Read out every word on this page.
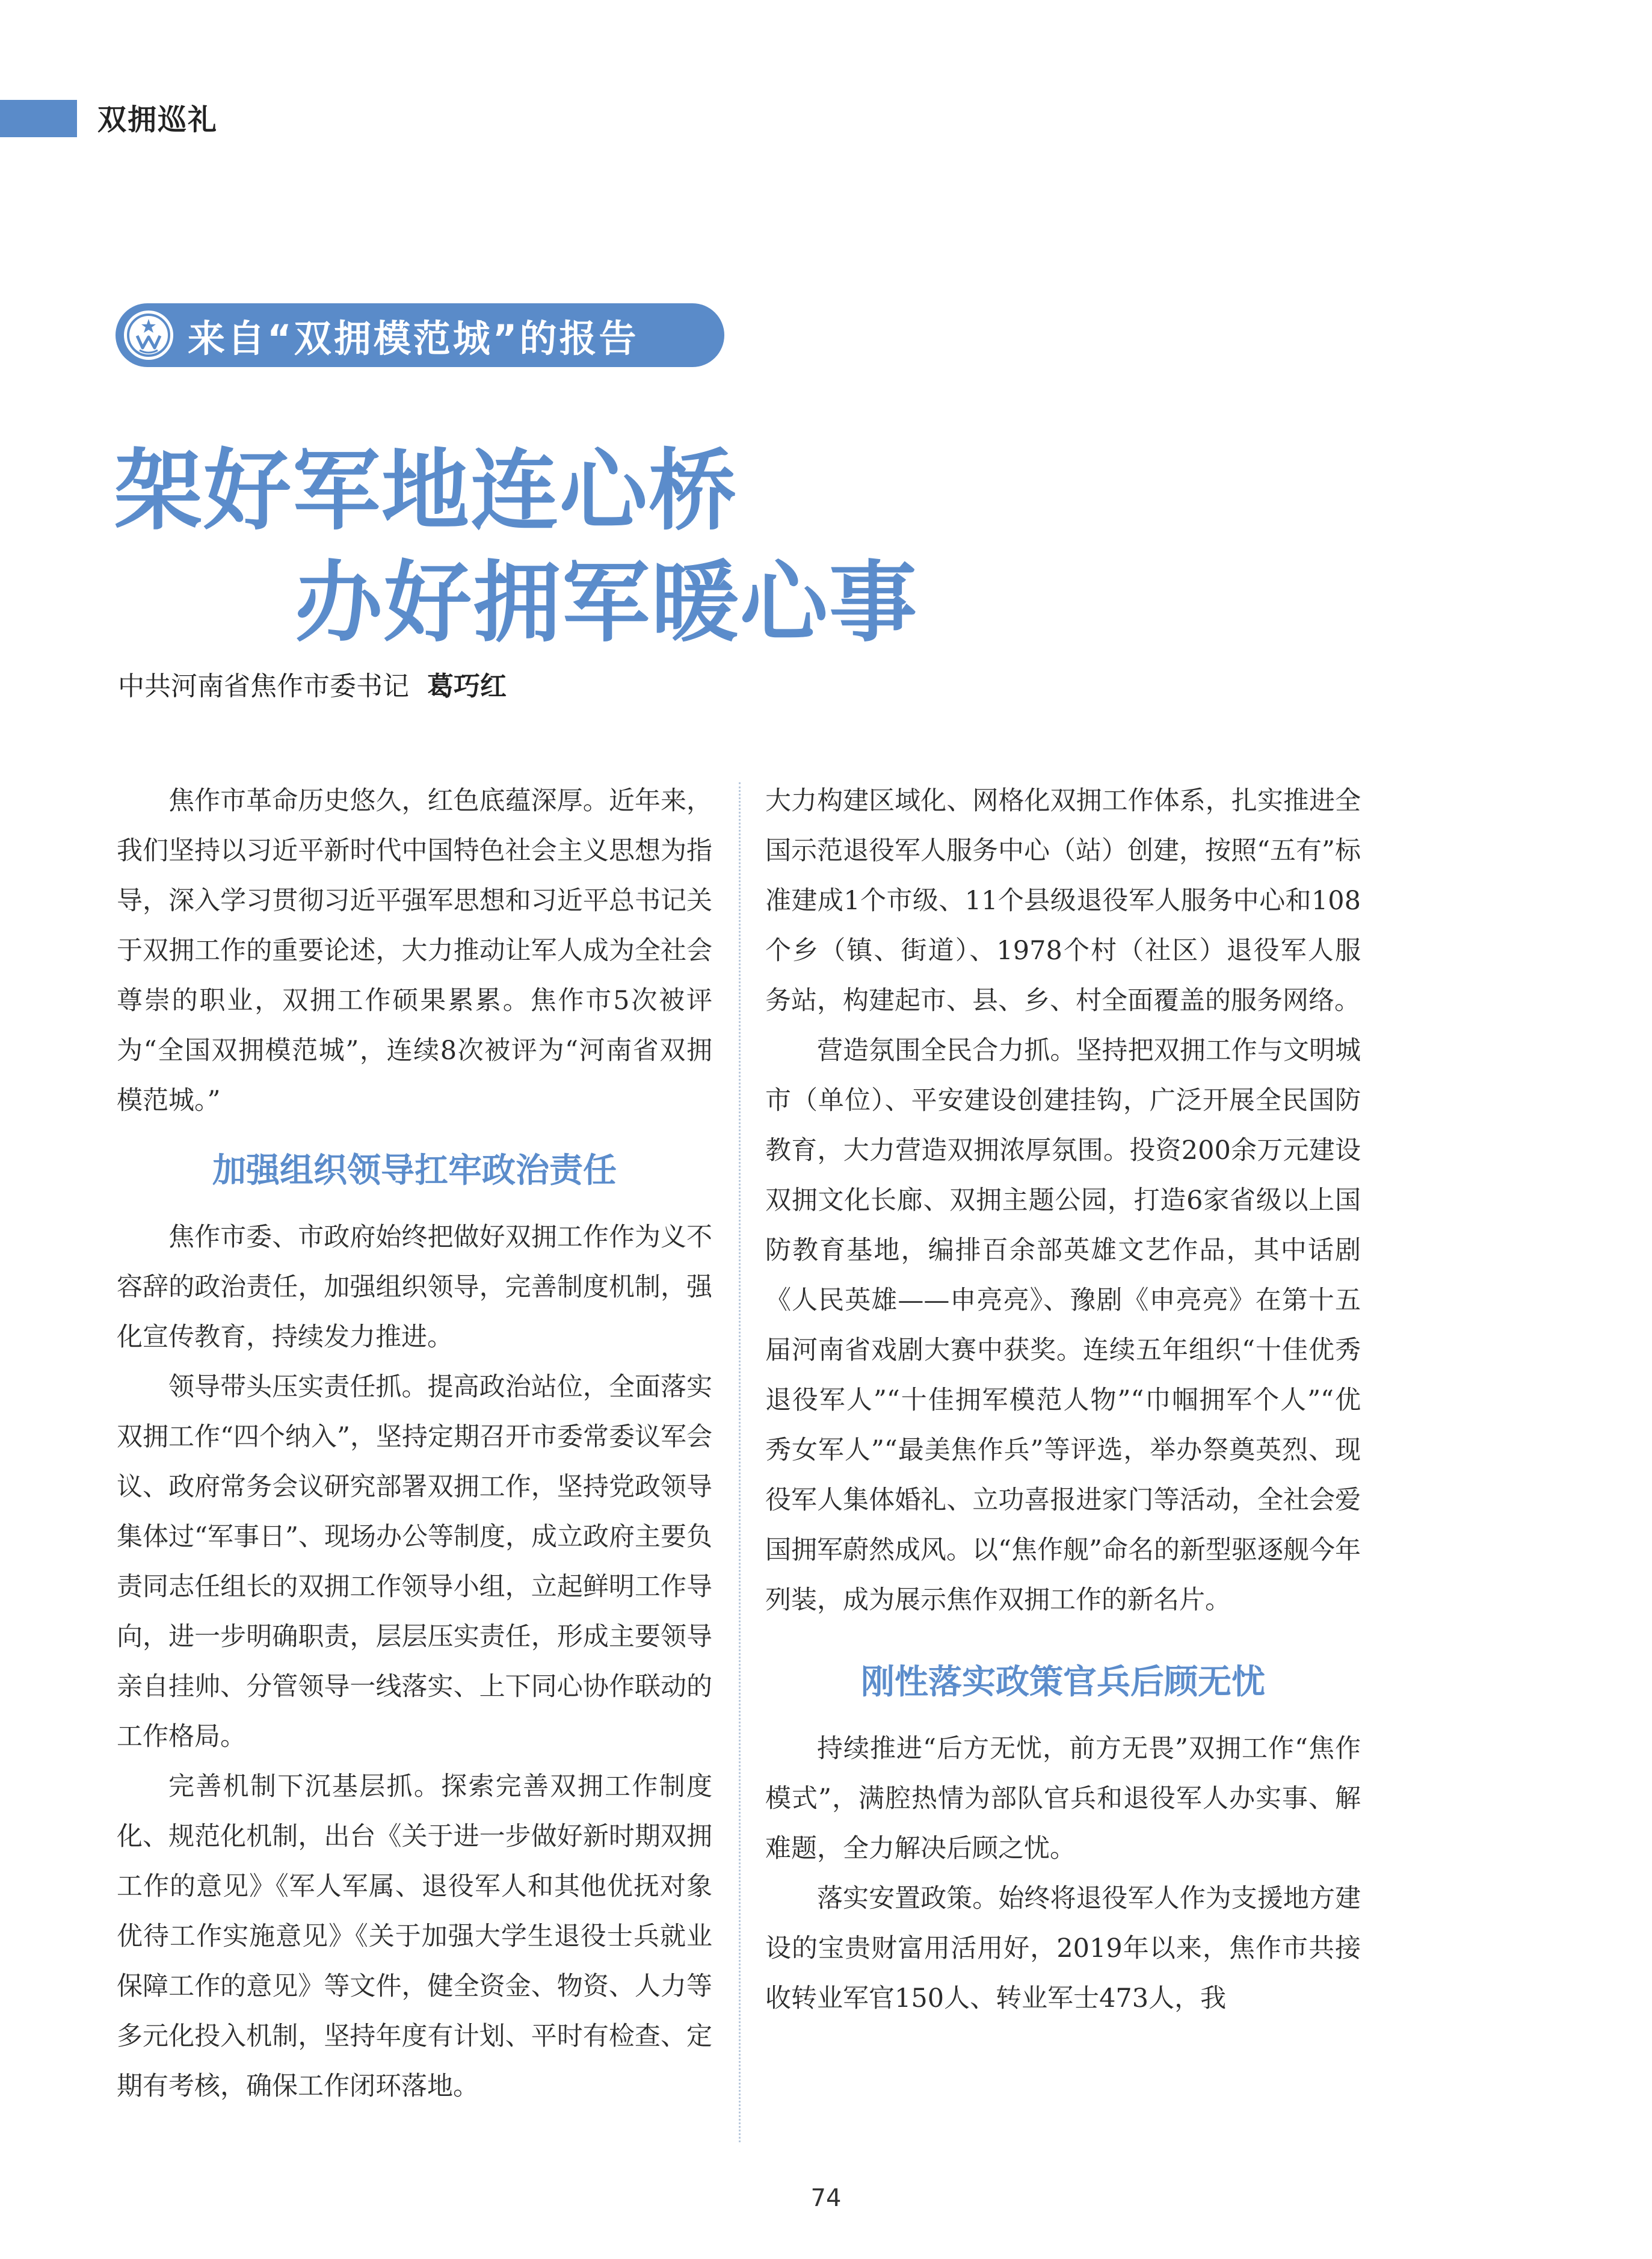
双拥巡礼
来自“双拥模范城”的报告
架好军地连心桥
办好拥军暖心事
中共河南省焦作市委书记 葛巧红

焦作市革命历史悠久，红色底蕴深厚。近年来，我们坚持以习近平新时代中国特色社会主义思想为指导，深入学习贯彻习近平强军思想和习近平总书记关于双拥工作的重要论述，大力推动让军人成为全社会尊崇的职业，双拥工作硕果累累。焦作市5次被评为“全国双拥模范城”，连续8次被评为“河南省双拥模范城。”

加强组织领导扛牢政治责任

焦作市委、市政府始终把做好双拥工作作为义不容辞的政治责任，加强组织领导，完善制度机制，强化宣传教育，持续发力推进。

领导带头压实责任抓。提高政治站位，全面落实双拥工作“四个纳入”，坚持定期召开市委常委议军会议、政府常务会议研究部署双拥工作，坚持党政领导集体过“军事日”、现场办公等制度，成立政府主要负责同志任组长的双拥工作领导小组，立起鲜明工作导向，进一步明确职责，层层压实责任，形成主要领导亲自挂帅、分管领导一线落实、上下同心协作联动的工作格局。

完善机制下沉基层抓。探索完善双拥工作制度化、规范化机制，出台《关于进一步做好新时期双拥工作的意见》《军人军属、退役军人和其他优抚对象优待工作实施意见》《关于加强大学生退役士兵就业保障工作的意见》等文件，健全资金、物资、人力等多元化投入机制，坚持年度有计划、平时有检查、定期有考核，确保工作闭环落地。

大力构建区域化、网格化双拥工作体系，扎实推进全国示范退役军人服务中心（站）创建，按照“五有”标准建成1个市级、11个县级退役军人服务中心和108个乡（镇、街道）、1978个村（社区）退役军人服务站，构建起市、县、乡、村全面覆盖的服务网络。

营造氛围全民合力抓。坚持把双拥工作与文明城市（单位）、平安建设创建挂钩，广泛开展全民国防教育，大力营造双拥浓厚氛围。投资200余万元建设双拥文化长廊、双拥主题公园，打造6家省级以上国防教育基地，编排百余部英雄文艺作品，其中话剧《人民英雄——申亮亮》、豫剧《申亮亮》在第十五届河南省戏剧大赛中获奖。连续五年组织“十佳优秀退役军人”“十佳拥军模范人物”“巾帼拥军个人”“优秀女军人”“最美焦作兵”等评选，举办祭奠英烈、现役军人集体婚礼、立功喜报进家门等活动，全社会爱国拥军蔚然成风。以“焦作舰”命名的新型驱逐舰今年列装，成为展示焦作双拥工作的新名片。

刚性落实政策官兵后顾无忧

持续推进“后方无忧，前方无畏”双拥工作“焦作模式”，满腔热情为部队官兵和退役军人办实事、解难题，全力解决后顾之忧。

落实安置政策。始终将退役军人作为支援地方建设的宝贵财富用活用好，2019年以来，焦作市共接收转业军官150人、转业军士473人，我

74
